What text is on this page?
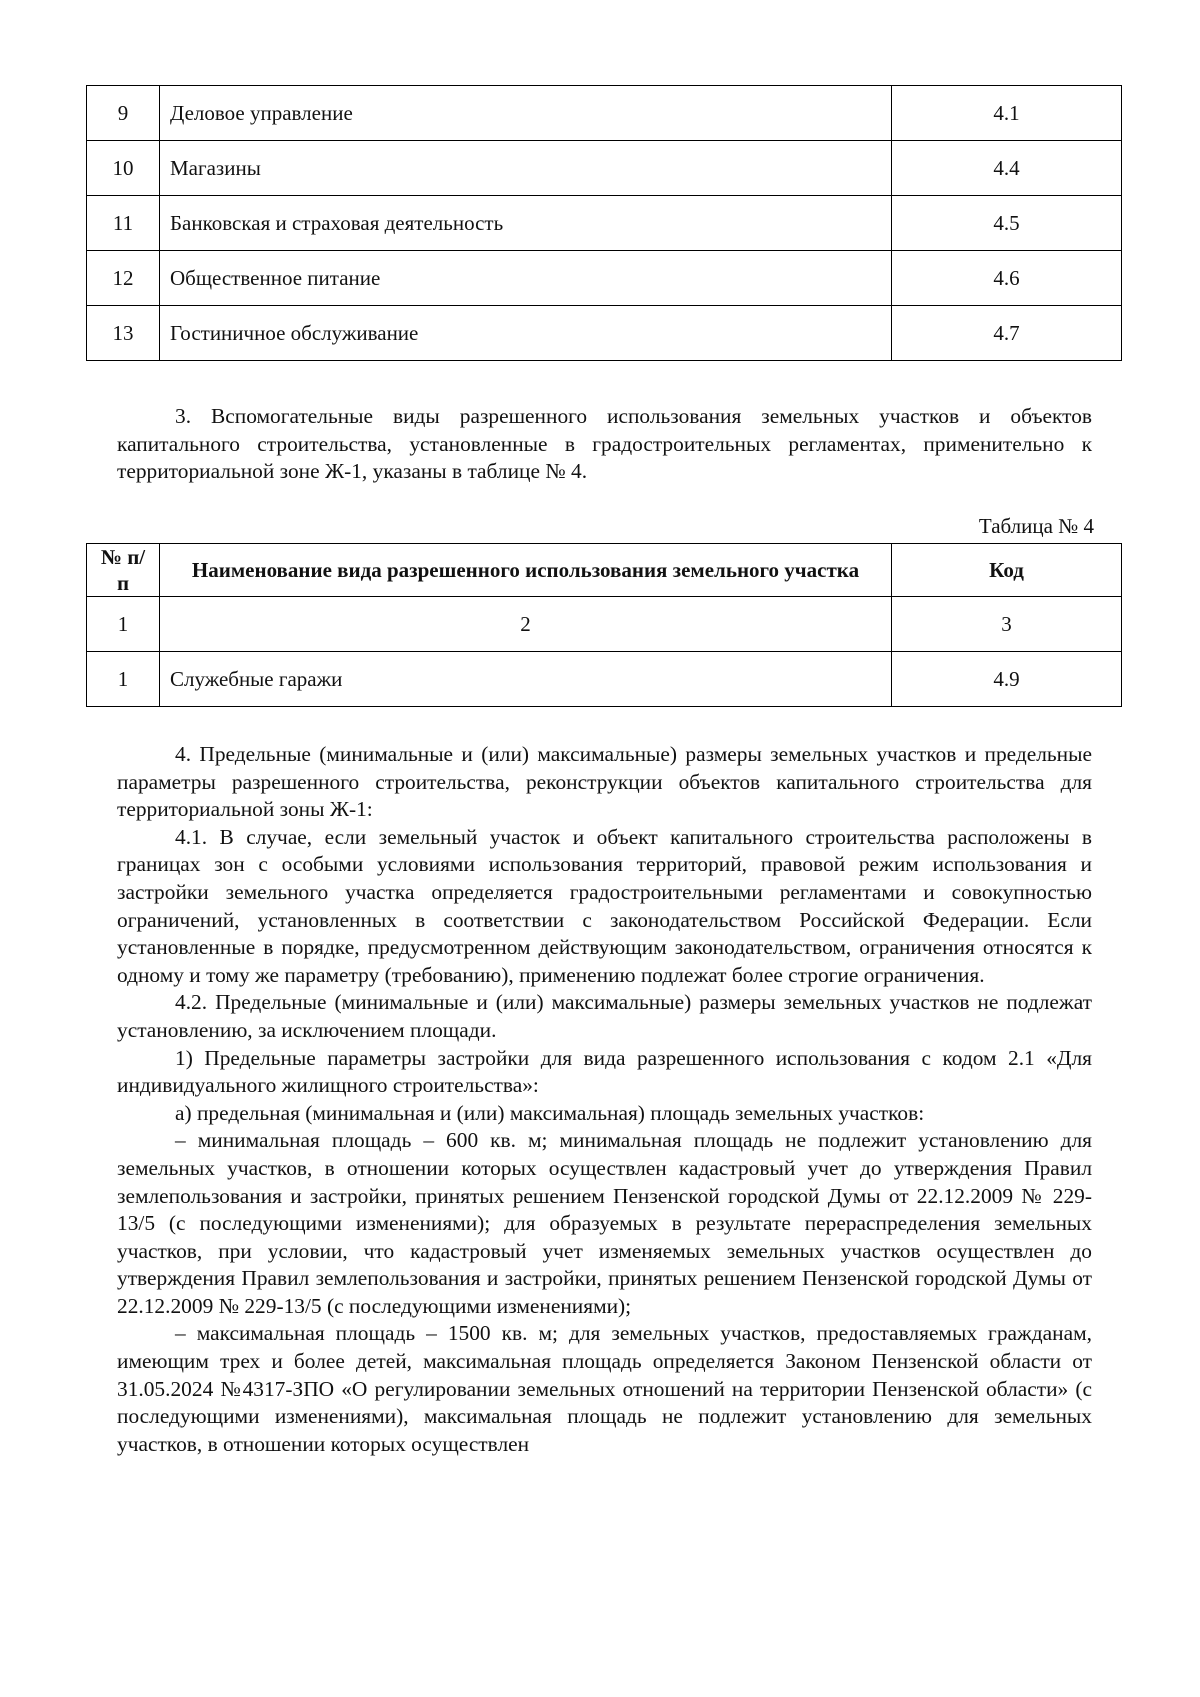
9	Деловое управление	4.1
10	Магазины	4.4
11	Банковская и страховая деятельность	4.5
12	Общественное питание	4.6
13	Гостиничное обслуживание	4.7

3. Вспомогательные виды разрешенного использования земельных участков и объектов капитального строительства, установленные в градостроительных регламентах, применительно к территориальной зоне Ж-1, указаны в таблице № 4.

Таблица № 4
№ п/п	Наименование вида разрешенного использования земельного участка	Код
1	2	3
1	Служебные гаражи	4.9

4. Предельные (минимальные и (или) максимальные) размеры земельных участков и предельные параметры разрешенного строительства, реконструкции объектов капитального строительства для территориальной зоны Ж-1:

4.1. В случае, если земельный участок и объект капитального строительства расположены в границах зон с особыми условиями использования территорий, правовой режим использования и застройки земельного участка определяется градостроительными регламентами и совокупностью ограничений, установленных в соответствии с законодательством Российской Федерации. Если установленные в порядке, предусмотренном действующим законодательством, ограничения относятся к одному и тому же параметру (требованию), применению подлежат более строгие ограничения.

4.2. Предельные (минимальные и (или) максимальные) размеры земельных участков не подлежат установлению, за исключением площади.

1) Предельные параметры застройки для вида разрешенного использования с кодом 2.1 «Для индивидуального жилищного строительства»:

а) предельная (минимальная и (или) максимальная) площадь земельных участков:

– минимальная площадь – 600 кв. м; минимальная площадь не подлежит установлению для земельных участков, в отношении которых осуществлен кадастровый учет до утверждения Правил землепользования и застройки, принятых решением Пензенской городской Думы от 22.12.2009 № 229-13/5 (с последующими изменениями); для образуемых в результате перераспределения земельных участков, при условии, что кадастровый учет изменяемых земельных участков осуществлен до утверждения Правил землепользования и застройки, принятых решением Пензенской городской Думы от 22.12.2009 № 229-13/5 (с последующими изменениями);

– максимальная площадь – 1500 кв. м; для земельных участков, предоставляемых гражданам, имеющим трех и более детей, максимальная площадь определяется Законом Пензенской области от 31.05.2024 №4317-ЗПО «О регулировании земельных отношений на территории Пензенской области» (с последующими изменениями), максимальная площадь не подлежит установлению для земельных участков, в отношении которых осуществлен
